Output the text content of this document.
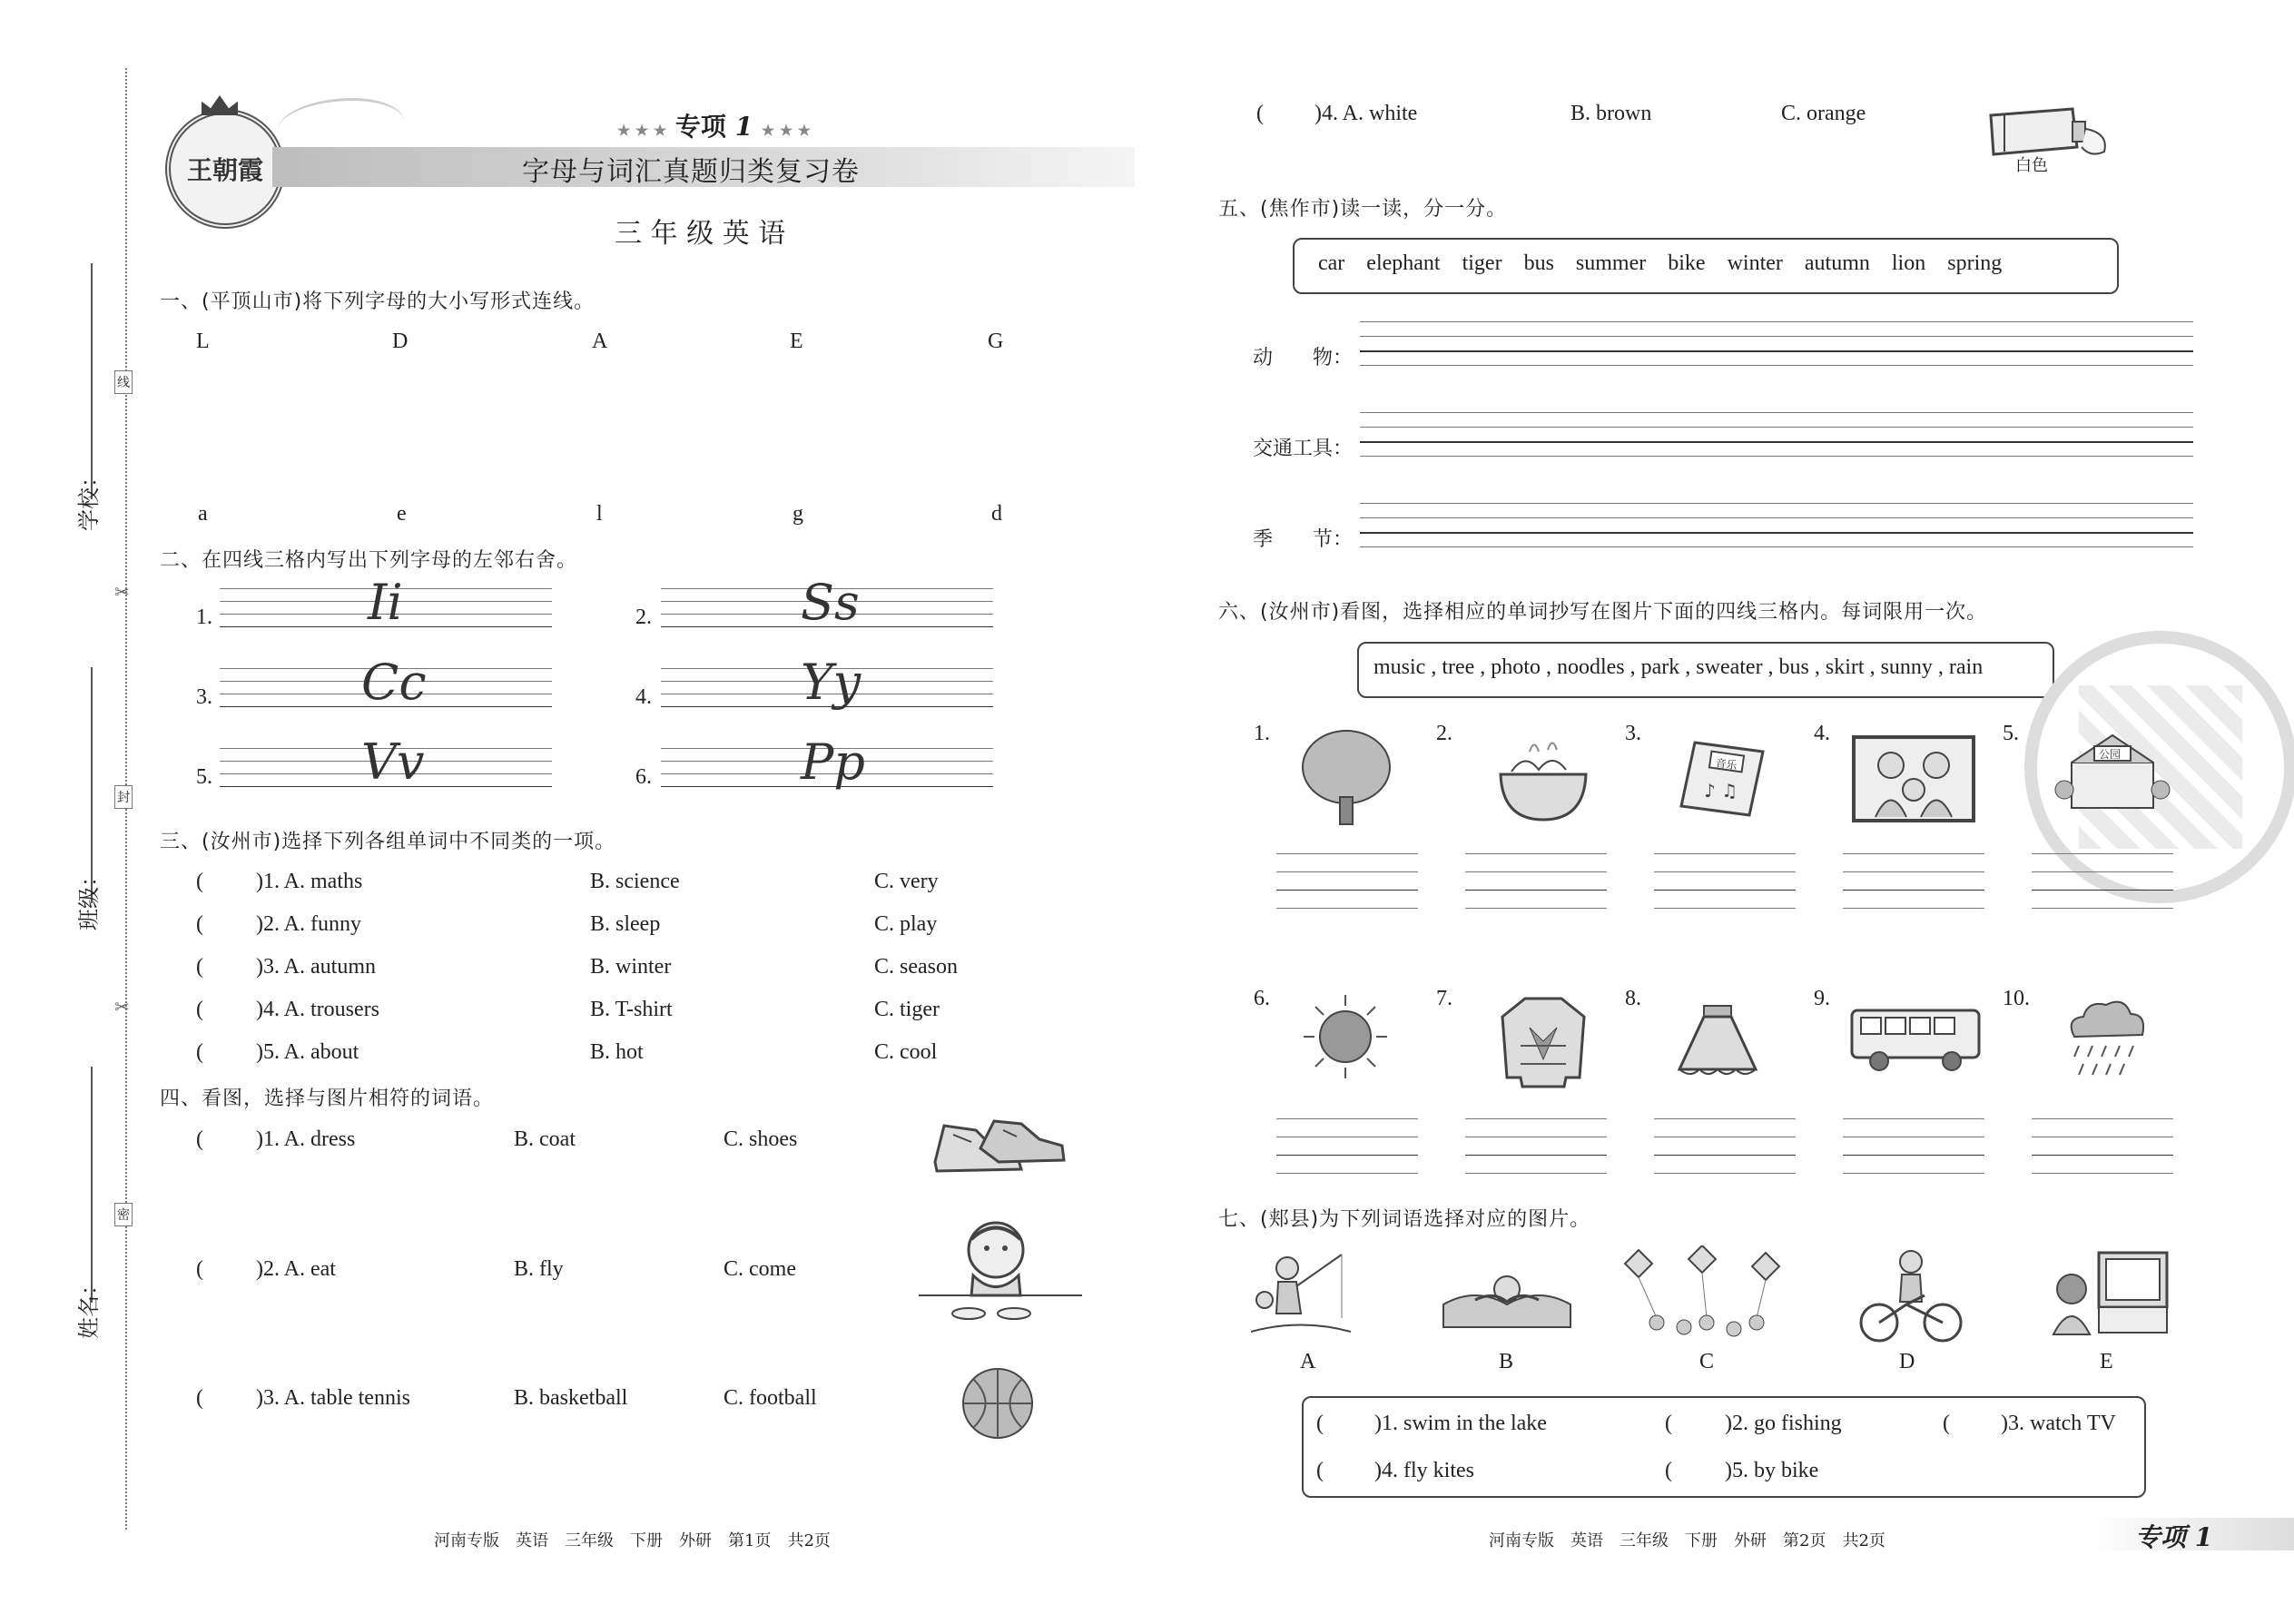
学校：
班级：
姓名：
线
封
密
✂
✂
王朝霞
★ ★ ★ 专项 1 ★ ★ ★
字母与词汇真题归类复习卷
三 年 级 英 语
一、(平顶山市)将下列字母的大小写形式连线。
L	D	A	E	G
a	e	l	g	d
二、在四线三格内写出下列字母的左邻右舍。
1.	Ii	2.	Ss
3.	Cc	4.	Yy
5.	Vv	6.	Pp
三、(汝州市)选择下列各组单词中不同类的一项。
( )1. A. maths	B. science	C. very
( )2. A. funny	B. sleep	C. play
( )3. A. autumn	B. winter	C. season
( )4. A. trousers	B. T-shirt	C. tiger
( )5. A. about	B. hot	C. cool
四、看图，选择与图片相符的词语。
( )1. A. dress	B. coat	C. shoes
( )2. A. eat	B. fly	C. come
( )3. A. table tennis	B. basketball	C. football
( )4. A. white	B. brown	C. orange
白色
五、(焦作市)读一读，分一分。
car elephant tiger bus summer bike winter autumn lion spring
动　　物：
交通工具：
季　　节：
六、(汝州市)看图，选择相应的单词抄写在图片下面的四线三格内。每词限用一次。
music , tree , photo , noodles , park , sweater , bus , skirt , sunny , rain
1.	2.	3.	4.	5.
音乐
♪ ♫
公园
6.	7.	8.	9.	10.
七、(郏县)为下列词语选择对应的图片。
A	B	C	D	E
( )1. swim in the lake	( )2. go fishing	( )3. watch TV
( )4. fly kites	( )5. by bike
河南专版　英语　三年级　下册　外研　第1页　共2页	河南专版　英语　三年级　下册　外研　第2页　共2页	专项 1
